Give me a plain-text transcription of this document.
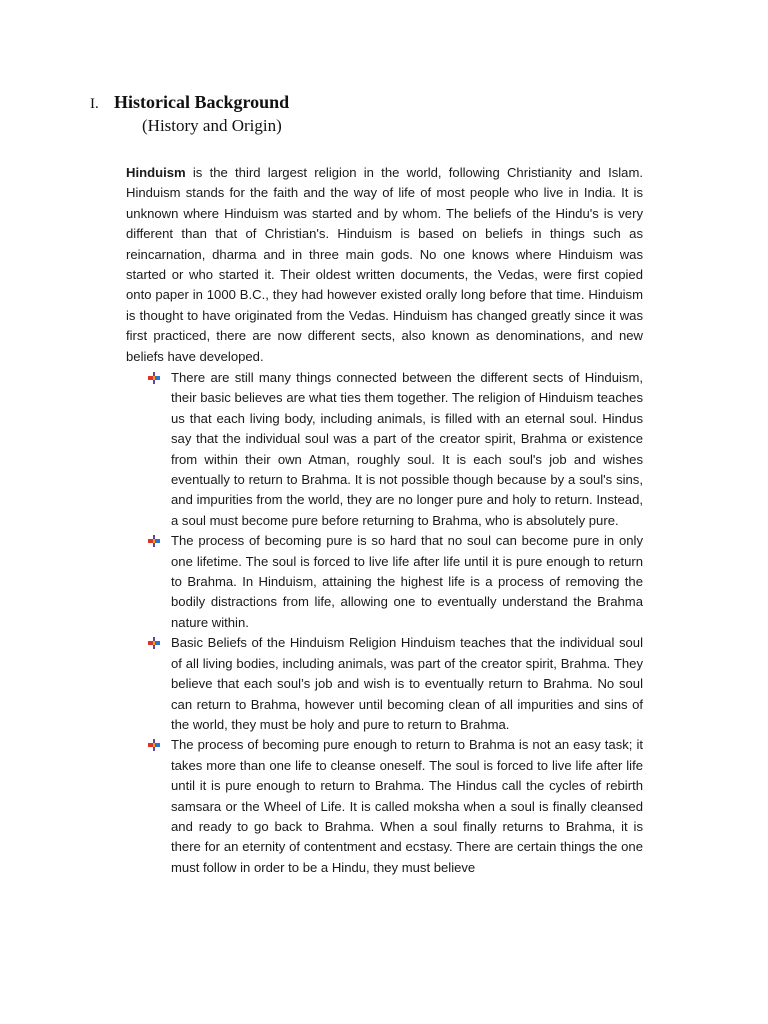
I. Historical Background
(History and Origin)

Hinduism is the third largest religion in the world, following Christianity and Islam. Hinduism stands for the faith and the way of life of most people who live in India. It is unknown where Hinduism was started and by whom. The beliefs of the Hindu's is very different than that of Christian's. Hinduism is based on beliefs in things such as reincarnation, dharma and in three main gods. No one knows where Hinduism was started or who started it. Their oldest written documents, the Vedas, were first copied onto paper in 1000 B.C., they had however existed orally long before that time. Hinduism is thought to have originated from the Vedas. Hinduism has changed greatly since it was first practiced, there are now different sects, also known as denominations, and new beliefs have developed.

There are still many things connected between the different sects of Hinduism, their basic believes are what ties them together. The religion of Hinduism teaches us that each living body, including animals, is filled with an eternal soul. Hindus say that the individual soul was a part of the creator spirit, Brahma or existence from within their own Atman, roughly soul. It is each soul's job and wishes eventually to return to Brahma. It is not possible though because by a soul's sins, and impurities from the world, they are no longer pure and holy to return. Instead, a soul must become pure before returning to Brahma, who is absolutely pure.
The process of becoming pure is so hard that no soul can become pure in only one lifetime. The soul is forced to live life after life until it is pure enough to return to Brahma. In Hinduism, attaining the highest life is a process of removing the bodily distractions from life, allowing one to eventually understand the Brahma nature within.
Basic Beliefs of the Hinduism Religion Hinduism teaches that the individual soul of all living bodies, including animals, was part of the creator spirit, Brahma. They believe that each soul’s job and wish is to eventually return to Brahma. No soul can return to Brahma, however until becoming clean of all impurities and sins of the world, they must be holy and pure to return to Brahma.
The process of becoming pure enough to return to Brahma is not an easy task; it takes more than one life to cleanse oneself. The soul is forced to live life after life until it is pure enough to return to Brahma. The Hindus call the cycles of rebirth samsara or the Wheel of Life. It is called moksha when a soul is finally cleansed and ready to go back to Brahma. When a soul finally returns to Brahma, it is there for an eternity of contentment and ecstasy. There are certain things the one must follow in order to be a Hindu, they must believe
